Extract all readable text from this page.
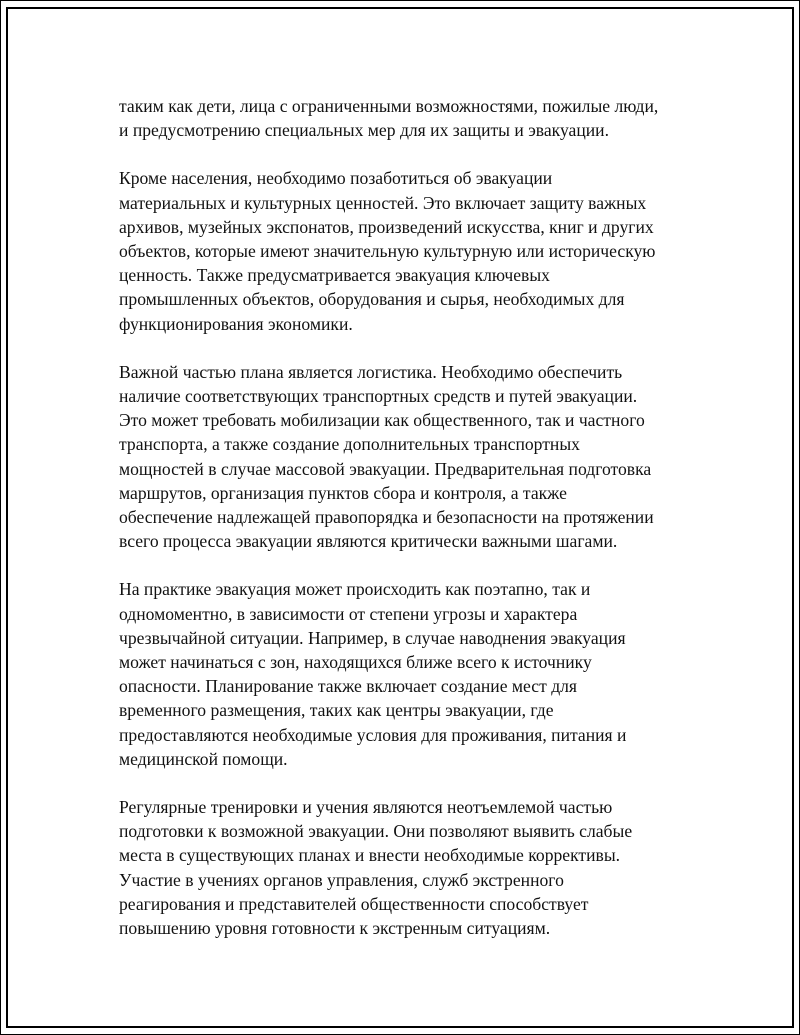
таким как дети, лица с ограниченными возможностями, пожилые люди,
и предусмотрению специальных мер для их защиты и эвакуации.

Кроме населения, необходимо позаботиться об эвакуации
материальных и культурных ценностей. Это включает защиту важных
архивов, музейных экспонатов, произведений искусства, книг и других
объектов, которые имеют значительную культурную или историческую
ценность. Также предусматривается эвакуация ключевых
промышленных объектов, оборудования и сырья, необходимых для
функционирования экономики.

Важной частью плана является логистика. Необходимо обеспечить
наличие соответствующих транспортных средств и путей эвакуации.
Это может требовать мобилизации как общественного, так и частного
транспорта, а также создание дополнительных транспортных
мощностей в случае массовой эвакуации. Предварительная подготовка
маршрутов, организация пунктов сбора и контроля, а также
обеспечение надлежащей правопорядка и безопасности на протяжении
всего процесса эвакуации являются критически важными шагами.

На практике эвакуация может происходить как поэтапно, так и
одномоментно, в зависимости от степени угрозы и характера
чрезвычайной ситуации. Например, в случае наводнения эвакуация
может начинаться с зон, находящихся ближе всего к источнику
опасности. Планирование также включает создание мест для
временного размещения, таких как центры эвакуации, где
предоставляются необходимые условия для проживания, питания и
медицинской помощи.

Регулярные тренировки и учения являются неотъемлемой частью
подготовки к возможной эвакуации. Они позволяют выявить слабые
места в существующих планах и внести необходимые коррективы.
Участие в учениях органов управления, служб экстренного
реагирования и представителей общественности способствует
повышению уровня готовности к экстренным ситуациям.
